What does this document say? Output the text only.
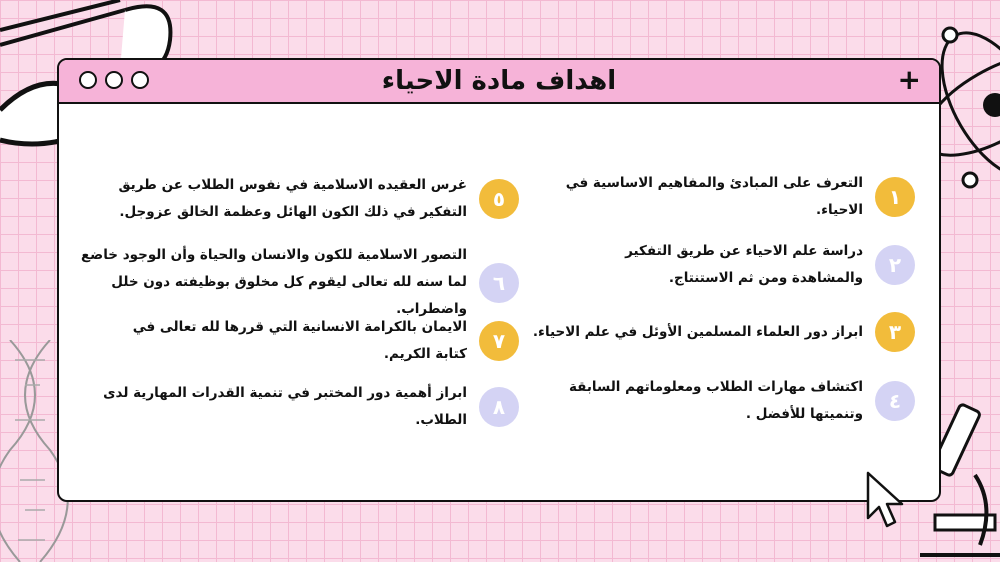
اهداف مادة الاحياء	+
١
التعرف على المبادئ والمفاهيم الاساسية في الاحياء.
٢
دراسة علم الاحياء عن طريق التفكير والمشاهدة ومن ثم الاستنتاج.
٣
ابراز دور العلماء المسلمين الأوئل في علم الاحياء.
٤
اكتشاف مهارات الطلاب ومعلوماتهم السابقة وتنميتها للأفضل .
٥
غرس العقيده الاسلامية في نفوس الطلاب عن طريق التفكير في ذلك الكون الهائل وعظمة الخالق عزوجل.
٦
التصور الاسلامية للكون والانسان والحياة وأن الوجود خاضع لما سنه لله تعالى ليقوم كل مخلوق بوظيفته دون خلل واضطراب.
٧
الايمان بالكرامة الانسانية التي قررها لله تعالى في كتابة الكريم.
٨
ابراز أهمية دور المختبر في تنمية القدرات المهارية لدى الطلاب.
